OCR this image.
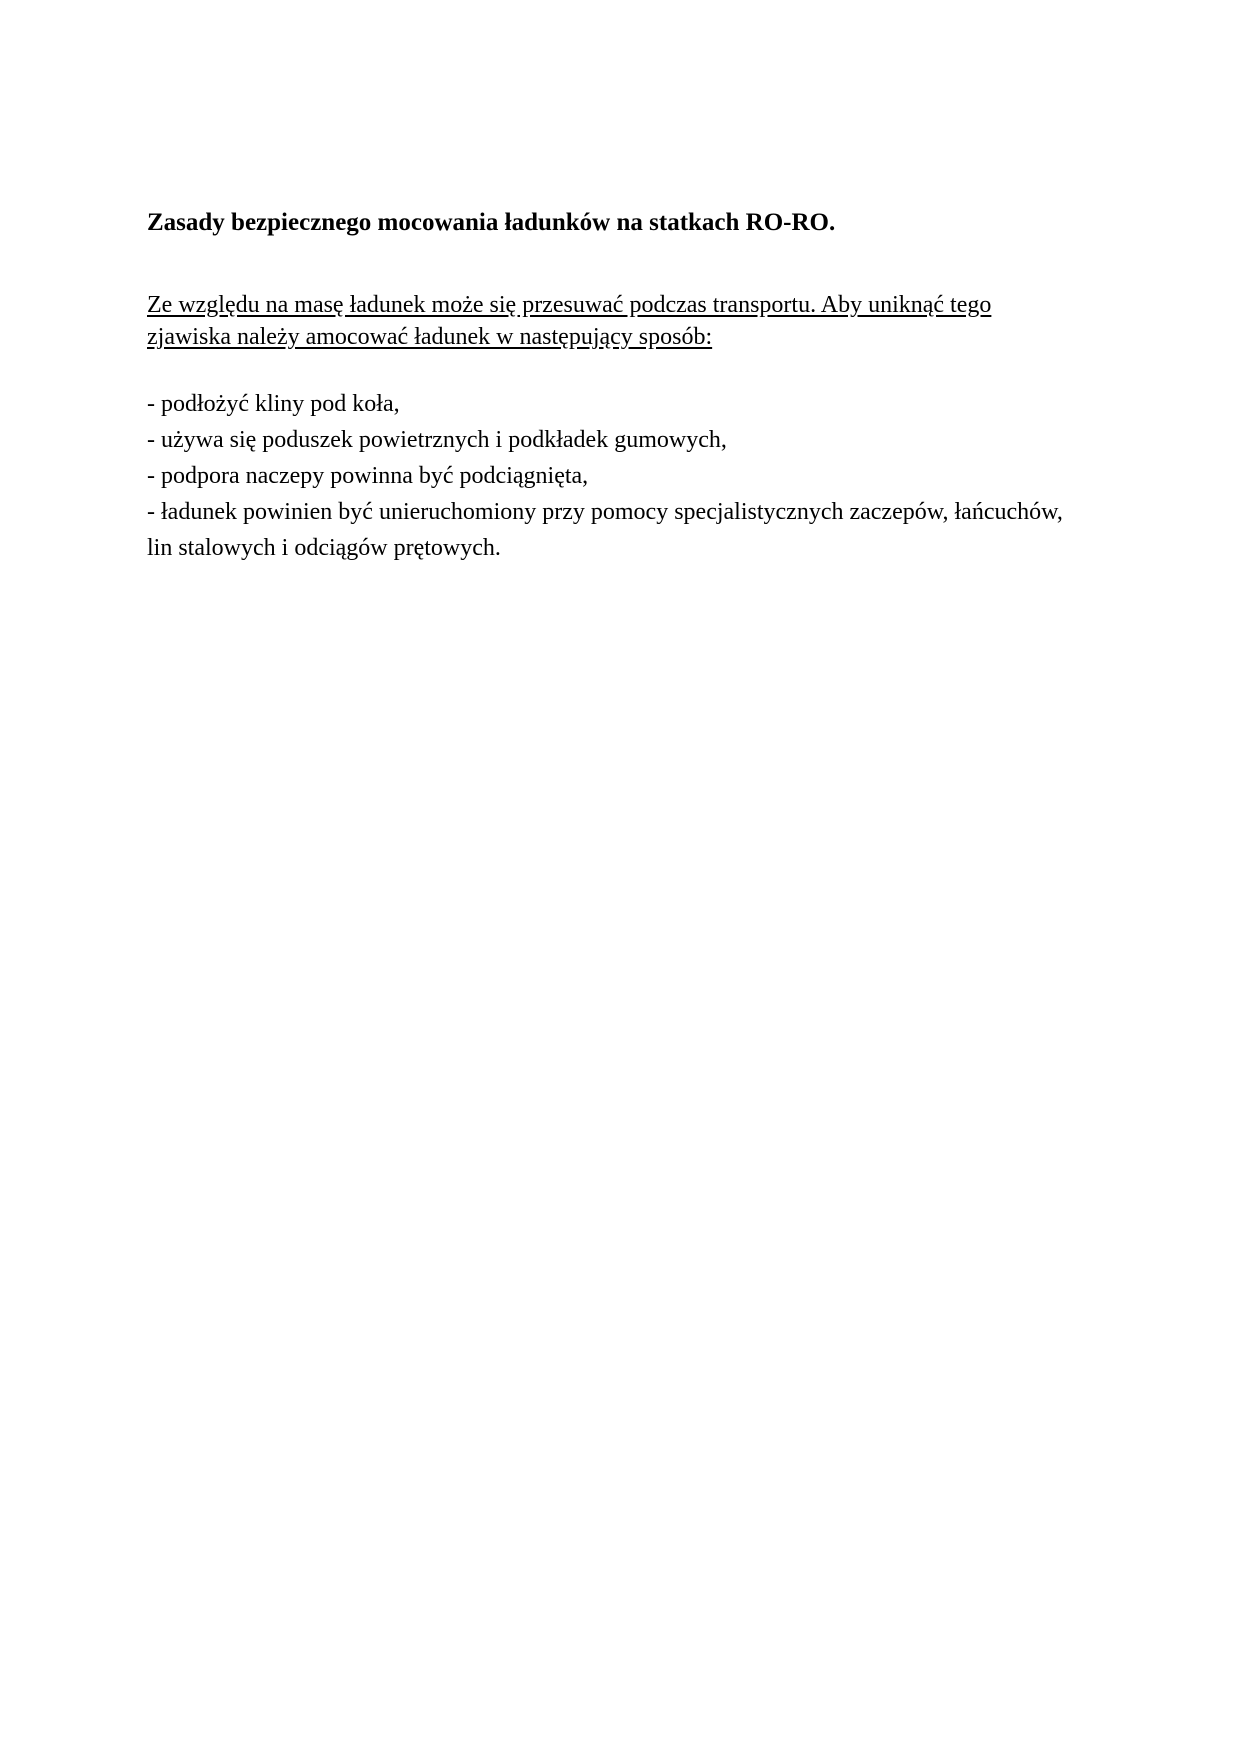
Zasady bezpiecznego mocowania ładunków na statkach RO-RO.

Ze względu na masę ładunek może się przesuwać podczas transportu. Aby uniknąć tego zjawiska należy amocować ładunek w następujący sposób:

- podłożyć kliny pod koła,
- używa się poduszek powietrznych i podkładek gumowych,
- podpora naczepy powinna być podciągnięta,
- ładunek powinien być unieruchomiony przy pomocy specjalistycznych zaczepów, łańcuchów, lin stalowych i odciągów prętowych.
